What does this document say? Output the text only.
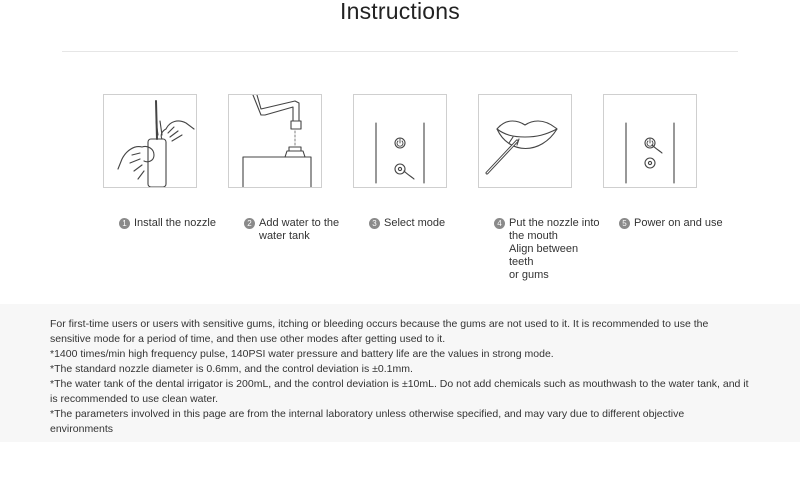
Instructions
1 Install the nozzle	2 Add water to the
water tank
3 Select mode	4 Put the nozzle into
the mouth
Align between teeth
or gums
5 Power on and use

For first-time users or users with sensitive gums, itching or bleeding occurs because the gums are not used to it. It is recommended to use the sensitive mode for a period of time, and then use other modes after getting used to it.

*1400 times/min high frequency pulse, 140PSI water pressure and battery life are the values in strong mode.

*The standard nozzle diameter is 0.6mm, and the control deviation is ±0.1mm.

*The water tank of the dental irrigator is 200mL, and the control deviation is ±10mL. Do not add chemicals such as mouthwash to the water tank, and it is recommended to use clean water.

*The parameters involved in this page are from the internal laboratory unless otherwise specified, and may vary due to different objective environments
